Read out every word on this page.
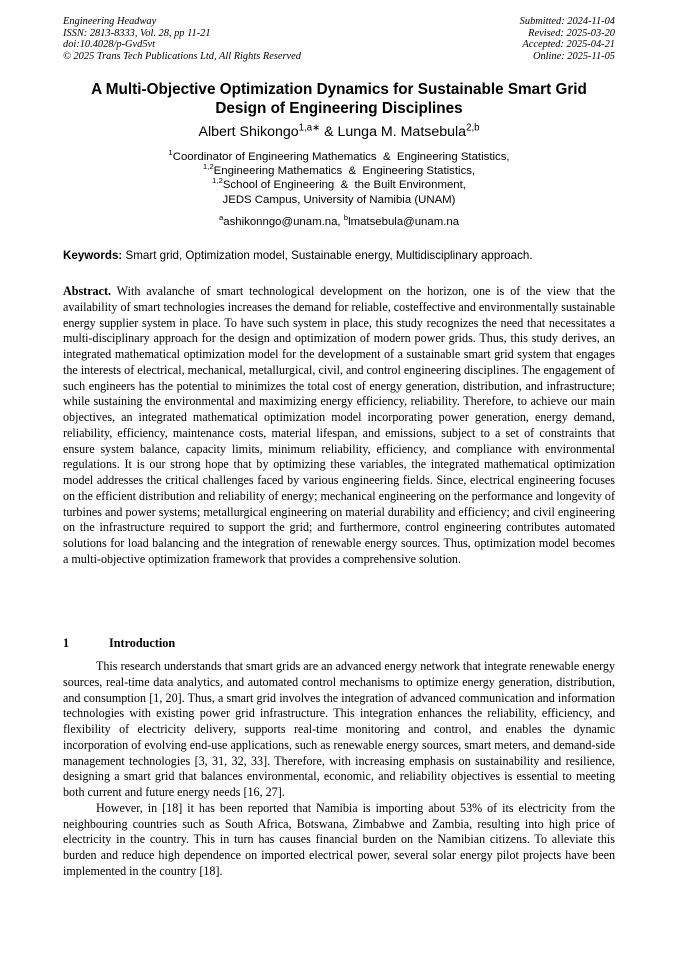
Engineering Headway
ISSN: 2813-8333, Vol. 28, pp 11-21
doi:10.4028/p-Gvd5vt
© 2025 Trans Tech Publications Ltd, All Rights Reserved
Submitted: 2024-11-04
Revised: 2025-03-20
Accepted: 2025-04-21
Online: 2025-11-05
A Multi-Objective Optimization Dynamics for Sustainable Smart Grid
Design of Engineering Disciplines
Albert Shikongo$^{1,a∗}$ & Lunga M. Matsebula$^{2,b}$
$^1$Coordinator of Engineering Mathematics  &  Engineering Statistics,
$^{1,2}$Engineering Mathematics  &  Engineering Statistics,
$^{1,2}$School of Engineering  &  the Built Environment,
JEDS Campus, University of Namibia (UNAM)
$^a$ashikonngo@unam.na, $^b$lmatsebula@unam.na
Keywords: Smart grid, Optimization model, Sustainable energy, Multidisciplinary approach.

Abstract. With avalanche of smart technological development on the horizon, one is of the view that the availability of smart technologies increases the demand for reliable, costeffective and environmentally sustainable energy supplier system in place. To have such system in place, this study recognizes the need that necessitates a multi-disciplinary approach for the design and optimization of modern power grids. Thus, this study derives, an integrated mathematical optimization model for the development of a sustainable smart grid system that engages the interests of electrical, mechanical, metallurgical, civil, and control engineering disciplines. The engagement of such engineers has the potential to minimizes the total cost of energy generation, distribution, and infrastructure; while sustaining the environmental and maximizing energy efficiency, reliability. Therefore, to achieve our main objectives, an integrated mathematical optimization model incorporating power generation, energy demand, reliability, efficiency, maintenance costs, material lifespan, and emissions, subject to a set of constraints that ensure system balance, capacity limits, minimum reliability, efficiency, and compliance with environmental regulations. It is our strong hope that by optimizing these variables, the integrated mathematical optimization model addresses the critical challenges faced by various engineering fields. Since, electrical engineering focuses on the efficient distribution and reliability of energy; mechanical engineering on the performance and longevity of turbines and power systems; metallurgical engineering on material durability and efficiency; and civil engineering on the infrastructure required to support the grid; and furthermore, control engineering contributes automated solutions for load balancing and the integration of renewable energy sources. Thus, optimization model becomes a multi-objective optimization framework that provides a comprehensive solution.

1	Introduction

This research understands that smart grids are an advanced energy network that integrate renewable energy sources, real-time data analytics, and automated control mechanisms to optimize energy generation, distribution, and consumption [1, 20]. Thus, a smart grid involves the integration of advanced communication and information technologies with existing power grid infrastructure. This integration enhances the reliability, efficiency, and flexibility of electricity delivery, supports real-time monitoring and control, and enables the dynamic incorporation of evolving end-use applications, such as renewable energy sources, smart meters, and demand-side management technologies [3, 31, 32, 33]. Therefore, with increasing emphasis on sustainability and resilience, designing a smart grid that balances environmental, economic, and reliability objectives is essential to meeting both current and future energy needs [16, 27].

However, in [18] it has been reported that Namibia is importing about 53% of its electricity from the neighbouring countries such as South Africa, Botswana, Zimbabwe and Zambia, resulting into high price of electricity in the country. This in turn has causes financial burden on the Namibian citizens. To alleviate this burden and reduce high dependence on imported electrical power, several solar energy pilot projects have been implemented in the country [18].
